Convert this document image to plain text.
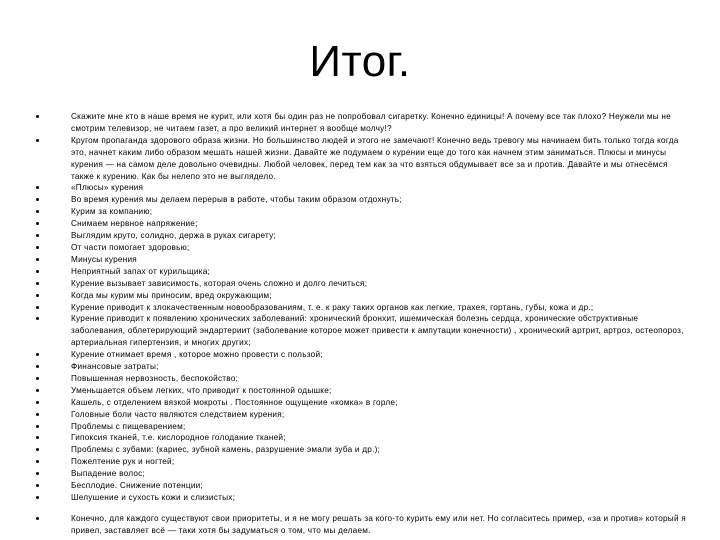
Итог.
Скажите мне кто в наше время не курит, или хотя бы один раз не попробовал сигаретку. Конечно единицы! А почему все так плохо? Неужели мы не смотрим телевизор, не читаем газет, а про великий интернет я вообще молчу!?
Кругом пропаганда здорового образа жизни. Но большинство людей и этого не замечают! Конечно ведь тревогу мы начинаем бить только тогда когда это, начнет каким либо образом мешать нашей жизни. Давайте же подумаем о курении еще до того как начнем этим заниматься. Плюсы и минусы курения — на самом деле довольно очевидны. Любой человек, перед тем как за что взяться обдумывает все за и против. Давайте и мы отнесёмся также к курению. Как бы нелепо это не выглядело.
«Плюсы» курения
Во время курения мы делаем перерыв в работе, чтобы таким образом отдохнуть;
Курим за компанию;
Снимаем нервное напряжение;
Выглядим круто, солидно, держа в руках сигарету;
От части помогает здоровью;
Минусы курения
Неприятный запах от курильщика;
Курение вызывает зависимость, которая очень сложно и долго лечиться;
Когда мы курим мы приносим, вред окружающим;
Курение приводит к злокачественным новообразованиям, т. е. к раку таких органов как легкие, трахея, гортань, губы, кожа и др.;
Курение приводит к появлению хронических заболеваний: хронический бронхит, ишемическая болезнь сердца, хронические обструктивные заболевания, облетерирующий эндартериит (заболевание которое может привести к ампутации конечности) , хронический артрит, артроз, остеопороз, артериальная гипертензия, и многих других;
Курение отнимает время , которое можно провести с пользой;
Финансовые затраты;
Повышенная нервозность, беспокойство;
Уменьшается объем легких, что приводит к постоянной одышке;
Кашель, с отделением вязкой мокроты . Постоянное ощущение «комка» в горле;
Головные боли часто являются следствием курения;
Проблемы с пищеварением;
Гипоксия тканей, т.е. кислородное голодание тканей;
Проблемы с зубами: (кариес, зубной камень, разрушение эмали зуба и др.);
Пожелтение рук и ногтей;
Выпадение волос;
Бесплодие. Снижение потенции;
Шелушение и сухость кожи и слизистых;
Конечно, для каждого существуют свои приоритеты, и я не могу решать за кого-то курить ему или нет. Но согласитесь пример, «за и против» который я привел, заставляет всё — таки хотя бы задуматься о том, что мы делаем.
